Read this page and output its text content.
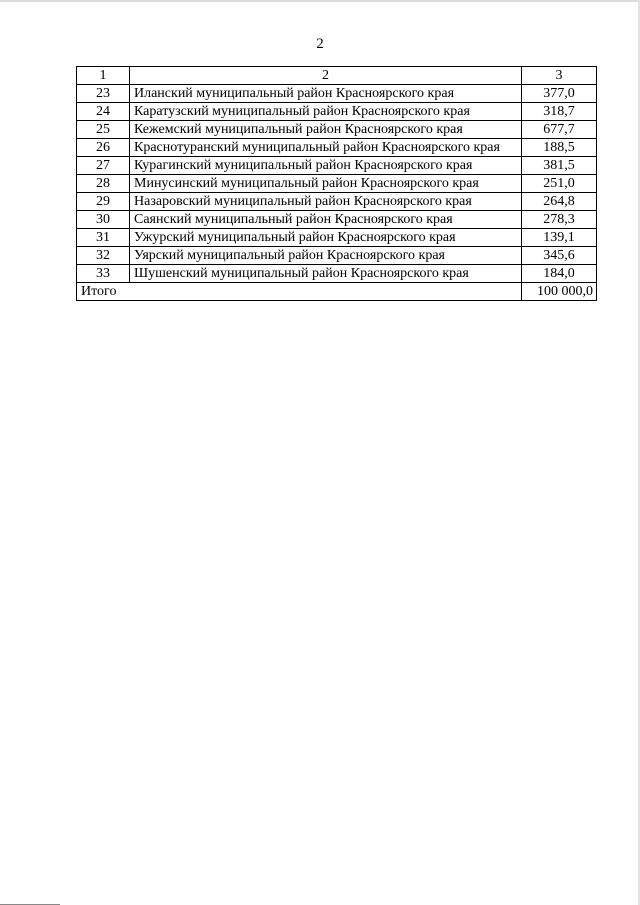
2
1	2	3
23	Иланский муниципальный район Красноярского края	377,0
24	Каратузский муниципальный район Красноярского края	318,7
25	Кежемский муниципальный район Красноярского края	677,7
26	Краснотуранский муниципальный район Красноярского края	188,5
27	Курагинский муниципальный район Красноярского края	381,5
28	Минусинский муниципальный район Красноярского края	251,0
29	Назаровский муниципальный район Красноярского края	264,8
30	Саянский муниципальный район Красноярского края	278,3
31	Ужурский муниципальный район Красноярского края	139,1
32	Уярский муниципальный район Красноярского края	345,6
33	Шушенский муниципальный район Красноярского края	184,0
Итого		100 000,0
